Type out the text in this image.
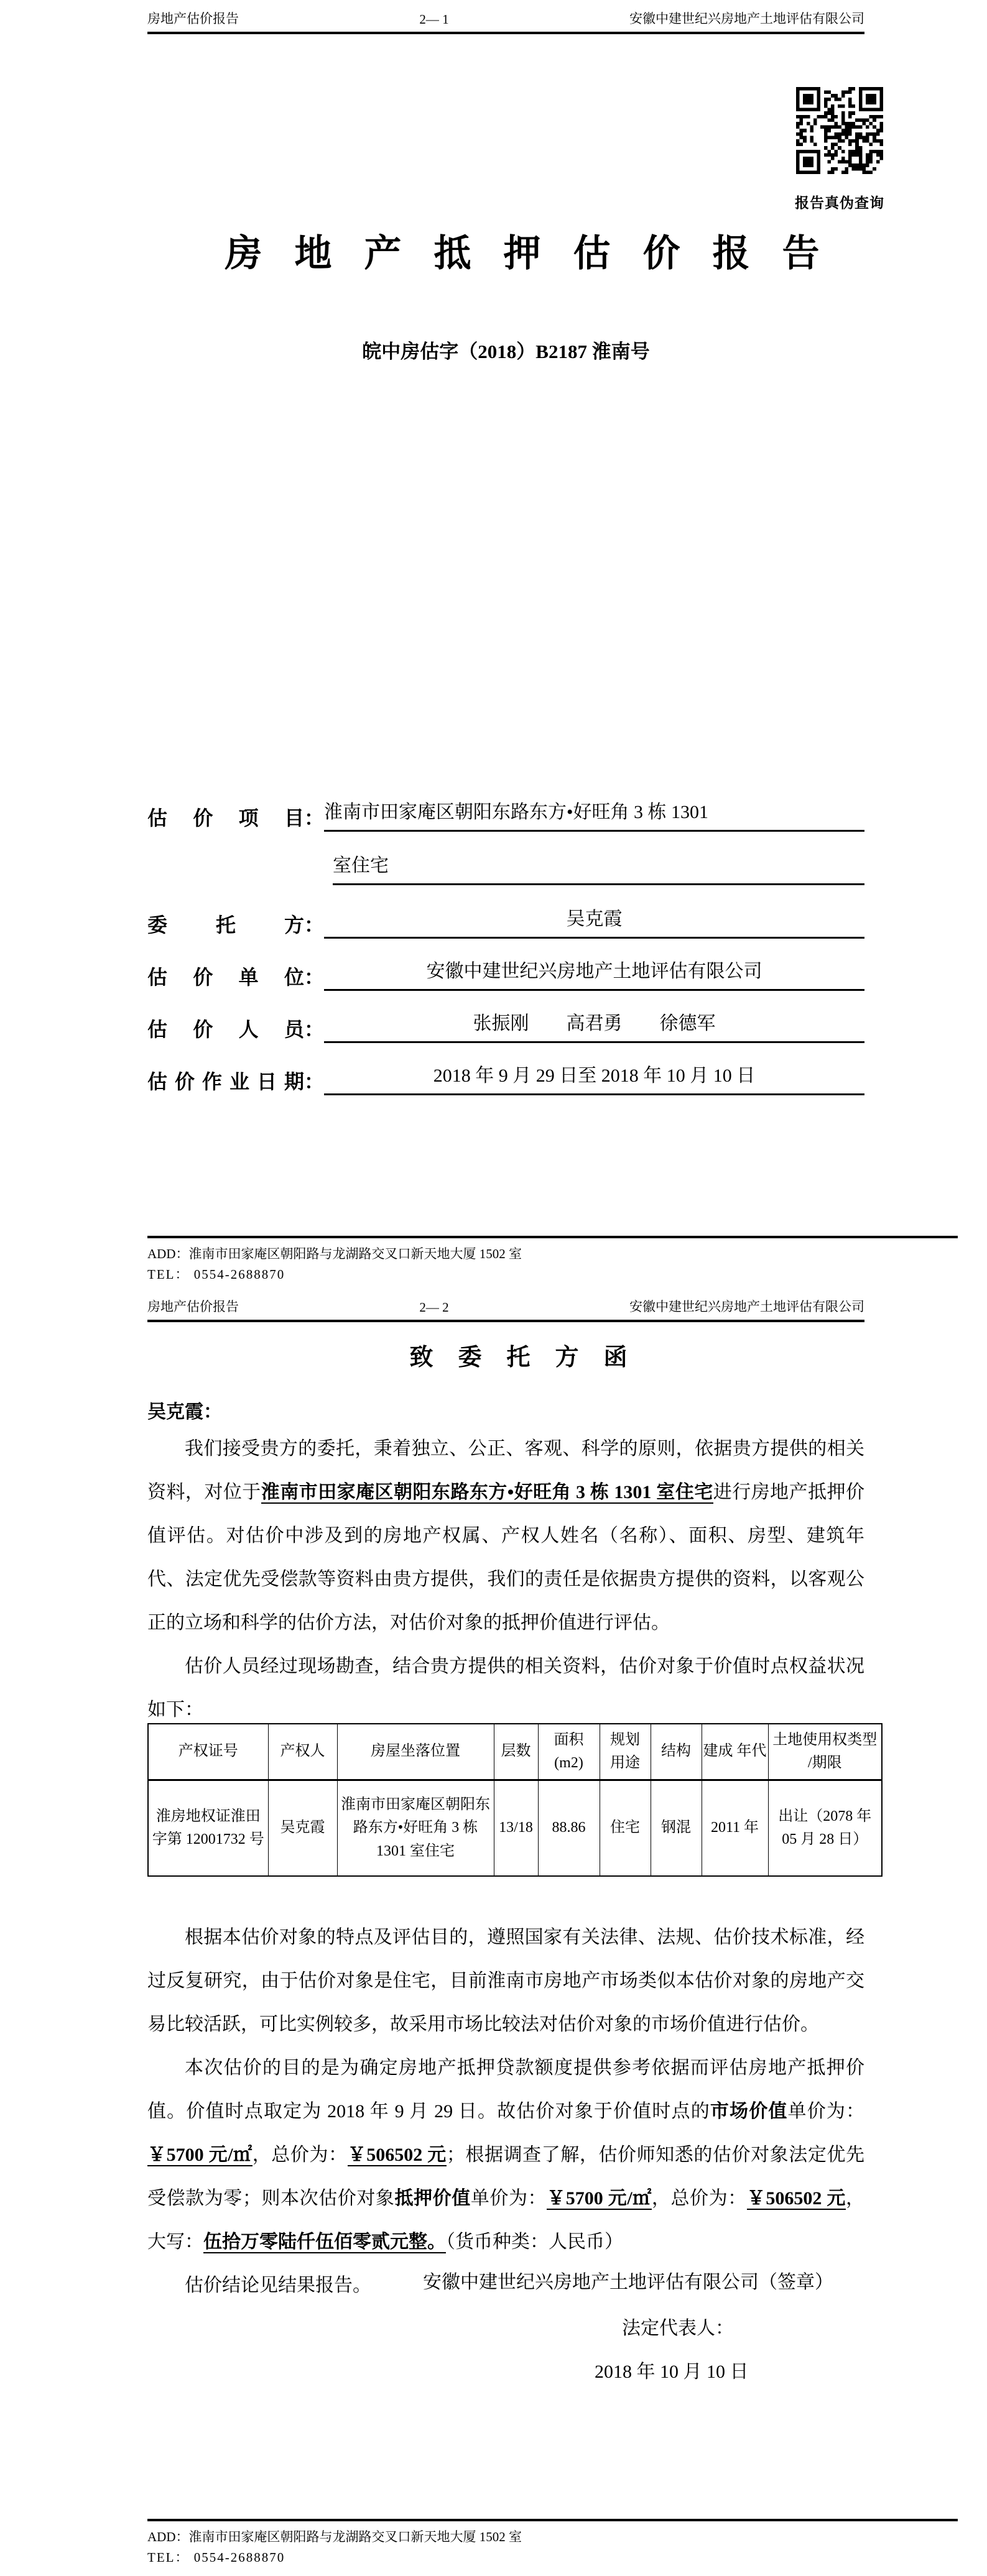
房地产估价报告	2— 1	安徽中建世纪兴房地产土地评估有限公司
报告真伪查询
房地产抵押估价报告
皖中房估字（2018）B2187 淮南号
估价项目 ： 淮南市田家庵区朝阳东路东方•好旺角 3 栋 1301
室住宅
委托方 ：	吴克霞
估价单位 ：	安徽中建世纪兴房地产土地评估有限公司
估价人员 ：	张振刚　　高君勇　　徐德军
估价作业日期 ：	2018 年 9 月 29 日至 2018 年 10 月 10 日
ADD：淮南市田家庵区朝阳路与龙湖路交叉口新天地大厦 1502 室
TEL： 0554-2688870
房地产估价报告	2— 2	安徽中建世纪兴房地产土地评估有限公司
致委托方函
吴克霞：

我们接受贵方的委托，秉着独立、公正、客观、科学的原则，依据贵方提供的相关资料，对位于淮南市田家庵区朝阳东路东方•好旺角 3 栋 1301 室住宅进行房地产抵押价值评估。对估价中涉及到的房地产权属、产权人姓名（名称）、面积、房型、建筑年代、法定优先受偿款等资料由贵方提供，我们的责任是依据贵方提供的资料，以客观公正的立场和科学的估价方法，对估价对象的抵押价值进行评估。

估价人员经过现场勘查，结合贵方提供的相关资料，估价对象于价值时点权益状况如下：

产权证号	产权人	房屋坐落位置	层数	面积 (m2)	规划 用途	结构	建成 年代	土地使用权类型 /期限
淮房地权证淮田字第 12001732 号	吴克霞	淮南市田家庵区朝阳东路东方•好旺角 3 栋 1301 室住宅	13/18	88.86	住宅	钢混	2011 年	出让（2078 年 05 月 28 日）

根据本估价对象的特点及评估目的，遵照国家有关法律、法规、估价技术标准，经过反复研究，由于估价对象是住宅，目前淮南市房地产市场类似本估价对象的房地产交易比较活跃，可比实例较多，故采用市场比较法对估价对象的市场价值进行估价。

本次估价的目的是为确定房地产抵押贷款额度提供参考依据而评估房地产抵押价值。价值时点取定为 2018 年 9 月 29 日。故估价对象于价值时点的市场价值单价为：￥5700 元/㎡，总价为：￥506502 元；根据调查了解，估价师知悉的估价对象法定优先受偿款为零；则本次估价对象抵押价值单价为：￥5700 元/㎡，总价为：￥506502 元，大写：伍拾万零陆仟伍佰零贰元整。（货币种类：人民币）

估价结论见结果报告。	安徽中建世纪兴房地产土地评估有限公司（签章）
法定代表人：
2018 年 10 月 10 日
ADD：淮南市田家庵区朝阳路与龙湖路交叉口新天地大厦 1502 室
TEL： 0554-2688870
